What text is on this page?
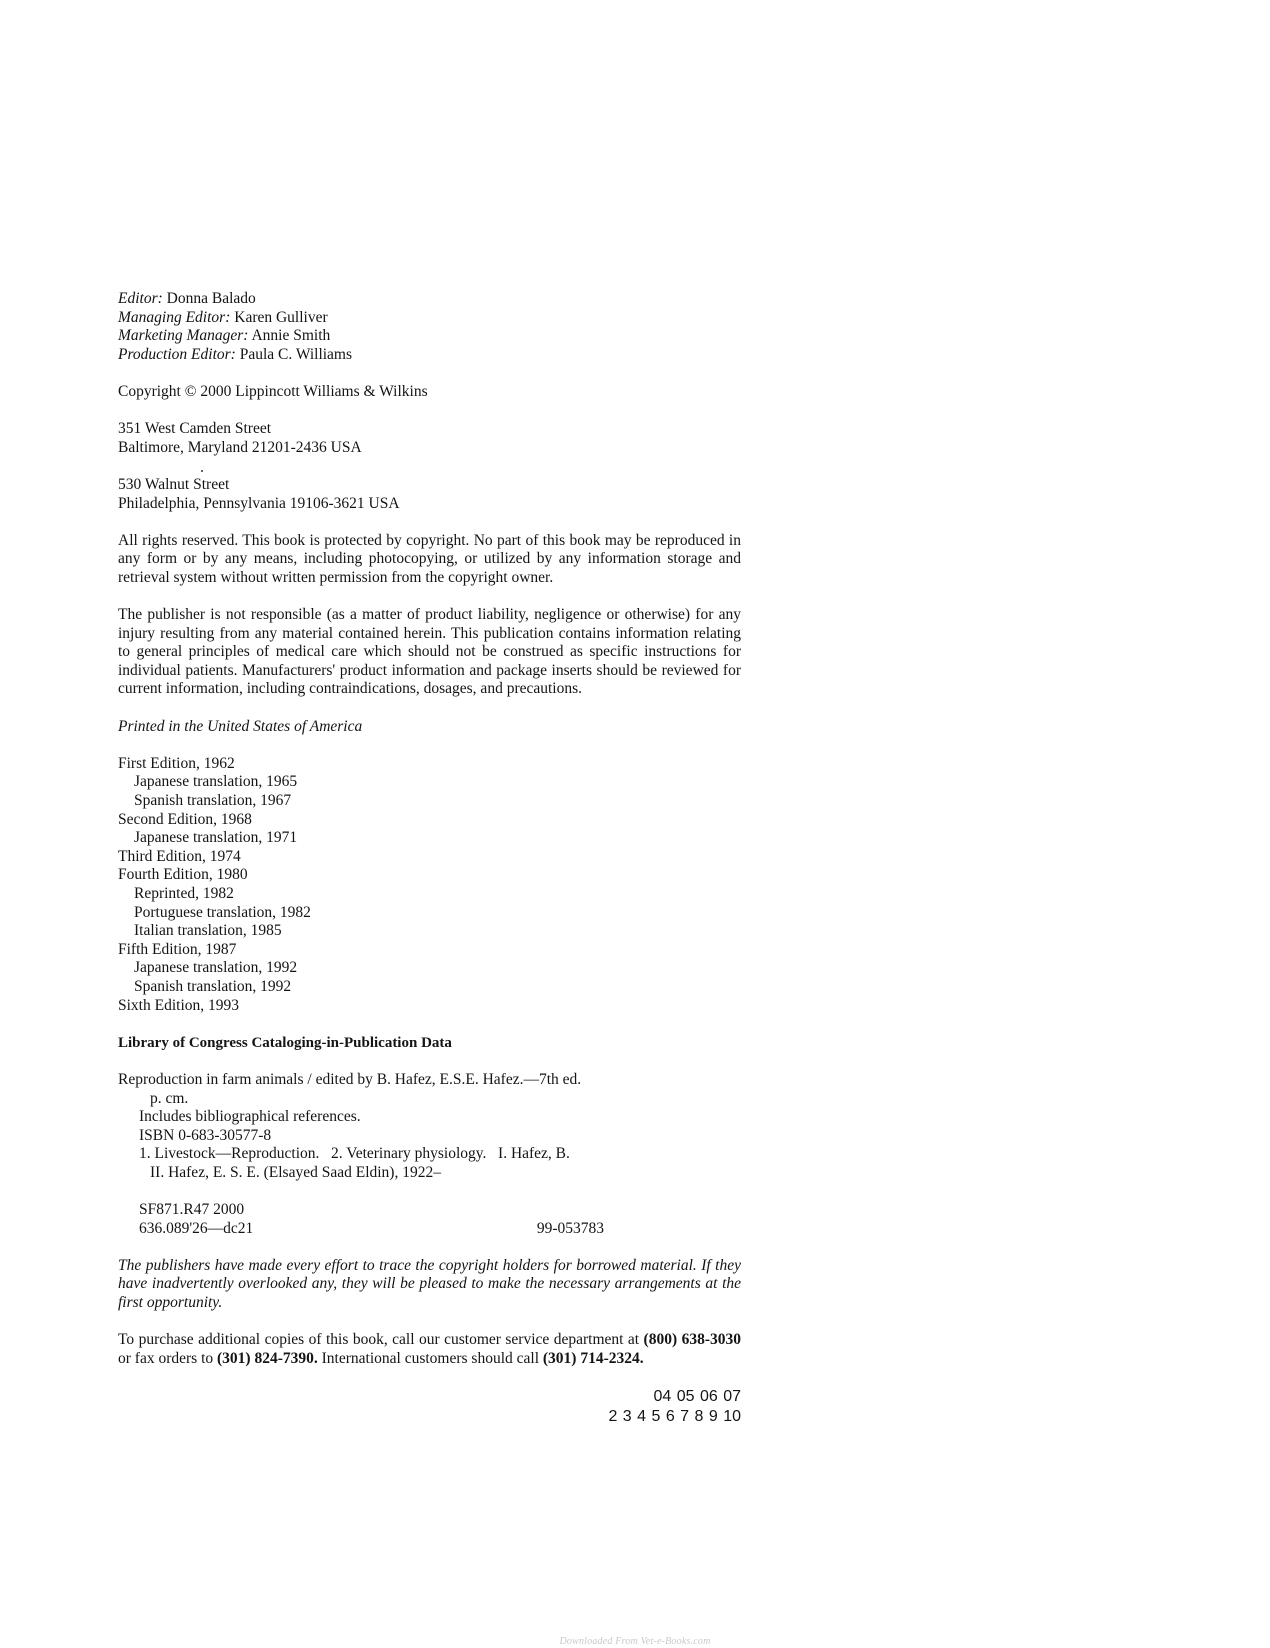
Editor: Donna Balado
Managing Editor: Karen Gulliver
Marketing Manager: Annie Smith
Production Editor: Paula C. Williams
Copyright © 2000 Lippincott Williams & Wilkins
351 West Camden Street
Baltimore, Maryland 21201-2436 USA
530 Walnut Street
Philadelphia, Pennsylvania 19106-3621 USA
All rights reserved. This book is protected by copyright. No part of this book may be reproduced in any form or by any means, including photocopying, or utilized by any information storage and retrieval system without written permission from the copyright owner.
The publisher is not responsible (as a matter of product liability, negligence or otherwise) for any injury resulting from any material contained herein. This publication contains information relating to general principles of medical care which should not be construed as specific instructions for individual patients. Manufacturers' product information and package inserts should be reviewed for current information, including contraindications, dosages, and precautions.
Printed in the United States of America
First Edition, 1962
Japanese translation, 1965
Spanish translation, 1967
Second Edition, 1968
Japanese translation, 1971
Third Edition, 1974
Fourth Edition, 1980
Reprinted, 1982
Portuguese translation, 1982
Italian translation, 1985
Fifth Edition, 1987
Japanese translation, 1992
Spanish translation, 1992
Sixth Edition, 1993
Library of Congress Cataloging-in-Publication Data
Reproduction in farm animals / edited by B. Hafez, E.S.E. Hafez.—7th ed.
p. cm.
Includes bibliographical references.
ISBN 0-683-30577-8
1. Livestock—Reproduction.   2. Veterinary physiology.   I. Hafez, B.
II. Hafez, E. S. E. (Elsayed Saad Eldin), 1922–
SF871.R47 2000
636.089'26—dc21	99-053783
The publishers have made every effort to trace the copyright holders for borrowed material. If they have inadvertently overlooked any, they will be pleased to make the necessary arrangements at the first opportunity.
To purchase additional copies of this book, call our customer service department at (800) 638-3030 or fax orders to (301) 824-7390. International customers should call (301) 714-2324.
04 05 06 07
2 3 4 5 6 7 8 9 10
Downloaded From Vet-e-Books.com
